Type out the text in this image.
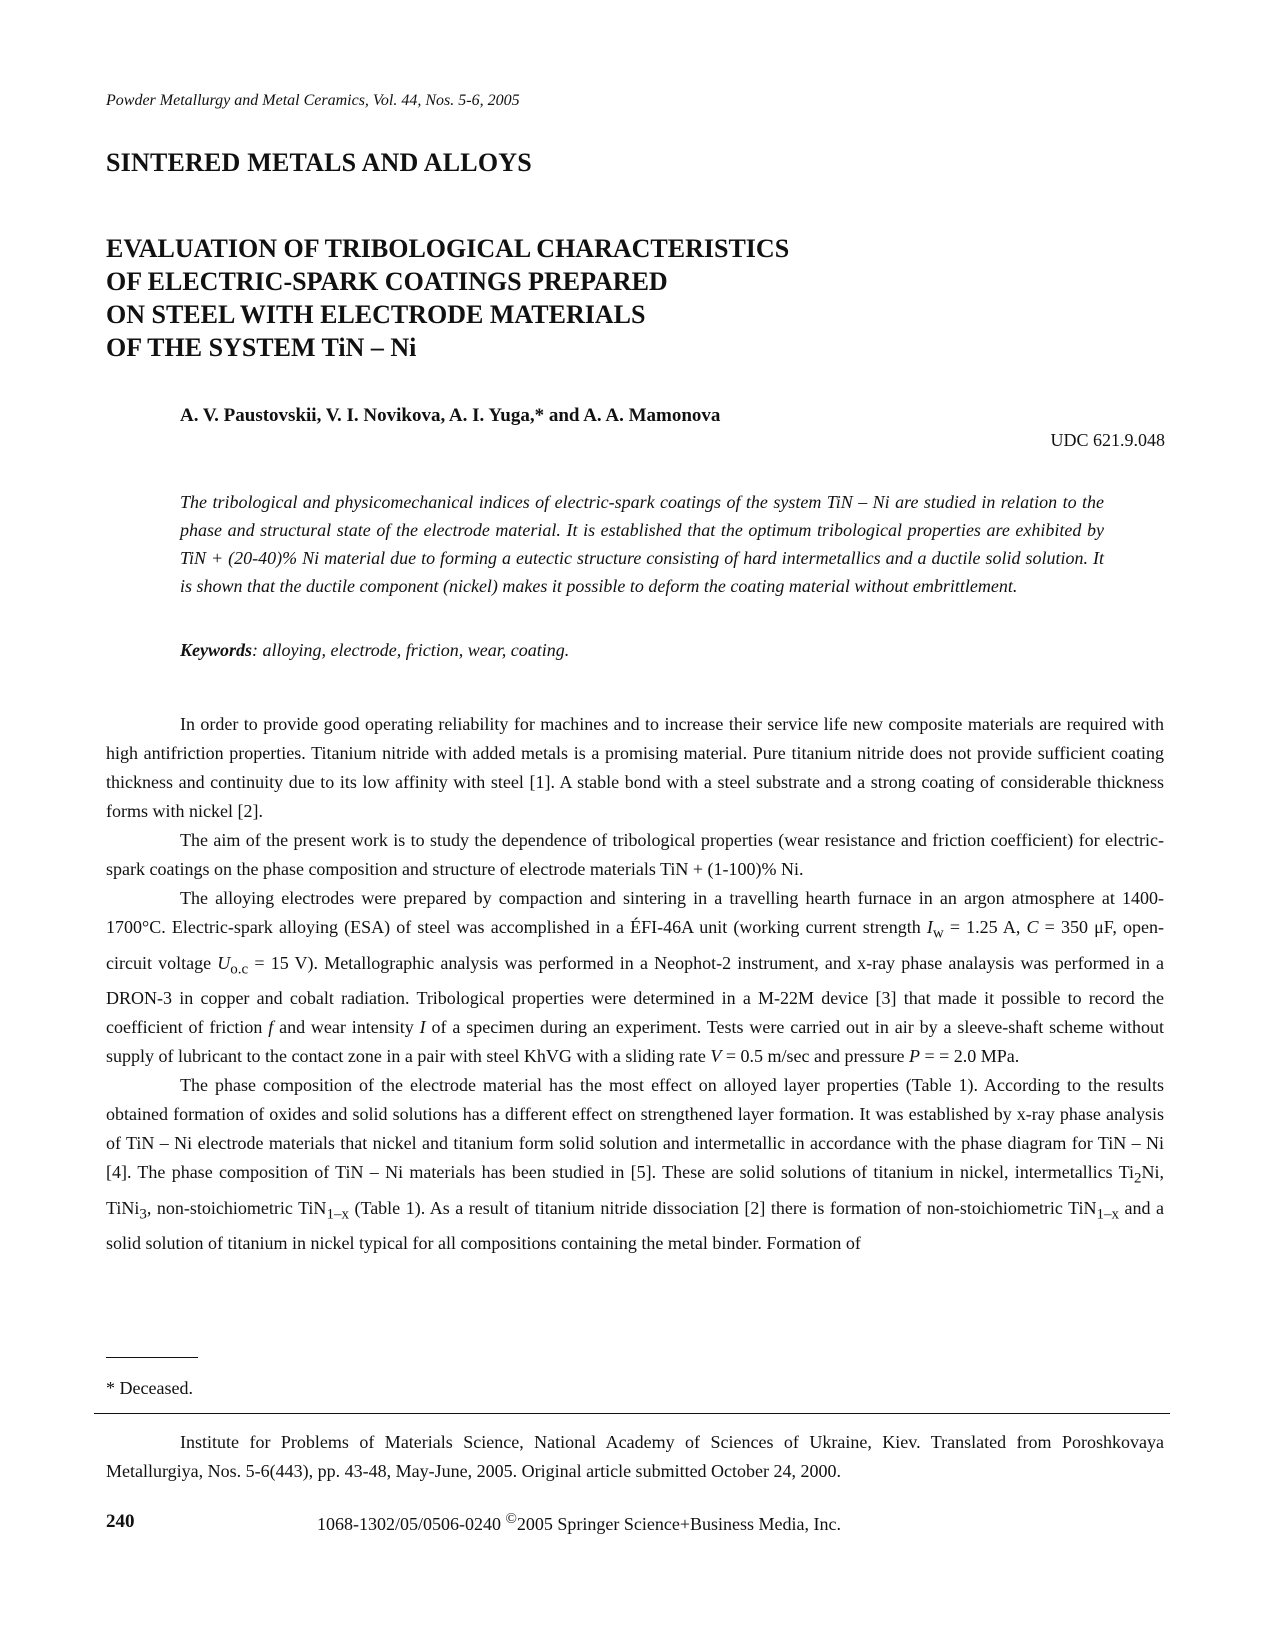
Powder Metallurgy and Metal Ceramics, Vol. 44, Nos. 5-6, 2005
SINTERED METALS AND ALLOYS
EVALUATION OF TRIBOLOGICAL CHARACTERISTICS
OF ELECTRIC-SPARK COATINGS PREPARED
ON STEEL WITH ELECTRODE MATERIALS
OF THE SYSTEM TiN – Ni
A. V. Paustovskii, V. I. Novikova, A. I. Yuga,* and A. A. Mamonova
UDC 621.9.048

The tribological and physicomechanical indices of electric-spark coatings of the system TiN – Ni are studied in relation to the phase and structural state of the electrode material. It is established that the optimum tribological properties are exhibited by TiN + (20-40)% Ni material due to forming a eutectic structure consisting of hard intermetallics and a ductile solid solution. It is shown that the ductile component (nickel) makes it possible to deform the coating material without embrittlement.

Keywords: alloying, electrode, friction, wear, coating.

In order to provide good operating reliability for machines and to increase their service life new composite materials are required with high antifriction properties. Titanium nitride with added metals is a promising material. Pure titanium nitride does not provide sufficient coating thickness and continuity due to its low affinity with steel [1]. A stable bond with a steel substrate and a strong coating of considerable thickness forms with nickel [2].

The aim of the present work is to study the dependence of tribological properties (wear resistance and friction coefficient) for electric-spark coatings on the phase composition and structure of electrode materials TiN + (1-100)% Ni.

The alloying electrodes were prepared by compaction and sintering in a travelling hearth furnace in an argon atmosphere at 1400-1700°C. Electric-spark alloying (ESA) of steel was accomplished in a ÉFI-46A unit (working current strength $I_w = 1.25$ A, C = 350 μF, open-circuit voltage $U_{o.c} = 15$ V). Metallographic analysis was performed in a Neophot-2 instrument, and x-ray phase analaysis was performed in a DRON-3 in copper and cobalt radiation. Tribological properties were determined in a M-22M device [3] that made it possible to record the coefficient of friction f and wear intensity I of a specimen during an experiment. Tests were carried out in air by a sleeve-shaft scheme without supply of lubricant to the contact zone in a pair with steel KhVG with a sliding rate V = 0.5 m/sec and pressure P = = 2.0 MPa.

The phase composition of the electrode material has the most effect on alloyed layer properties (Table 1). According to the results obtained formation of oxides and solid solutions has a different effect on strengthened layer formation. It was established by x-ray phase analysis of TiN – Ni electrode materials that nickel and titanium form solid solution and intermetallic in accordance with the phase diagram for TiN – Ni [4]. The phase composition of TiN – Ni materials has been studied in [5]. These are solid solutions of titanium in nickel, intermetallics $Ti_2Ni$, TiNi$_3$, non-stoichiometric TiN$_{1-x}$ (Table 1). As a result of titanium nitride dissociation [2] there is formation of non-stoichiometric TiN$_{1-x}$ and a solid solution of titanium in nickel typical for all compositions containing the metal binder. Formation of

* Deceased.

Institute for Problems of Materials Science, National Academy of Sciences of Ukraine, Kiev. Translated from Poroshkovaya Metallurgiya, Nos. 5-6(443), pp. 43-48, May-June, 2005. Original article submitted October 24, 2000.

240	1068-1302/05/0506-0240 ©2005 Springer Science+Business Media, Inc.
